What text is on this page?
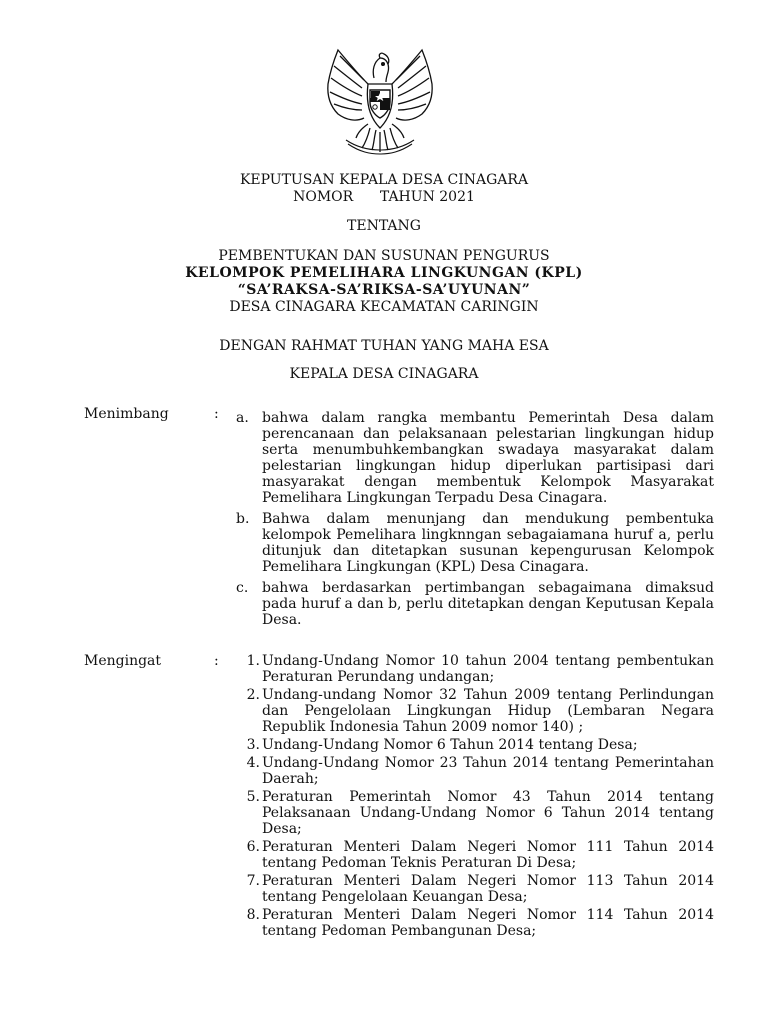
KEPUTUSAN KEPALA DESA CINAGARA
NOMOR      TAHUN 2021
TENTANG
PEMBENTUKAN DAN SUSUNAN PENGURUS
KELOMPOK PEMELIHARA LINGKUNGAN (KPL)
“SA’RAKSA-SA’RIKSA-SA’UYUNAN”
DESA CINAGARA KECAMATAN CARINGIN
DENGAN RAHMAT TUHAN YANG MAHA ESA
KEPALA DESA CINAGARA
Menimbang	: a. bahwa dalam rangka membantu Pemerintah Desa dalam perencanaan dan pelaksanaan pelestarian lingkungan hidup serta menumbuhkembangkan swadaya masyarakat dalam pelestarian lingkungan hidup diperlukan partisipasi dari masyarakat dengan membentuk Kelompok Masyarakat Pemelihara Lingkungan Terpadu Desa Cinagara.
b. Bahwa dalam menunjang dan mendukung pembentuka kelompok Pemelihara lingknngan sebagaiamana huruf a, perlu ditunjuk dan ditetapkan susunan kepengurusan Kelompok Pemelihara Lingkungan (KPL) Desa Cinagara.
c. bahwa berdasarkan pertimbangan sebagaimana dimaksud pada huruf a dan b, perlu ditetapkan dengan Keputusan Kepala Desa.
Mengingat	:	1. Undang-Undang Nomor 10 tahun 2004 tentang pembentukan Peraturan Perundang undangan;
2. Undang-undang Nomor 32 Tahun 2009 tentang Perlindungan dan Pengelolaan Lingkungan Hidup (Lembaran Negara Republik Indonesia Tahun 2009 nomor 140) ;
3. Undang-Undang Nomor 6 Tahun 2014 tentang Desa;
4. Undang-Undang Nomor 23 Tahun 2014 tentang Pemerintahan Daerah;
5. Peraturan Pemerintah Nomor 43 Tahun 2014 tentang Pelaksanaan Undang-Undang Nomor 6 Tahun 2014 tentang Desa;
6. Peraturan Menteri Dalam Negeri Nomor 111 Tahun 2014 tentang Pedoman Teknis Peraturan Di Desa;
7. Peraturan Menteri Dalam Negeri Nomor 113 Tahun 2014 tentang Pengelolaan Keuangan Desa;
8. Peraturan Menteri Dalam Negeri Nomor 114 Tahun 2014 tentang Pedoman Pembangunan Desa;
